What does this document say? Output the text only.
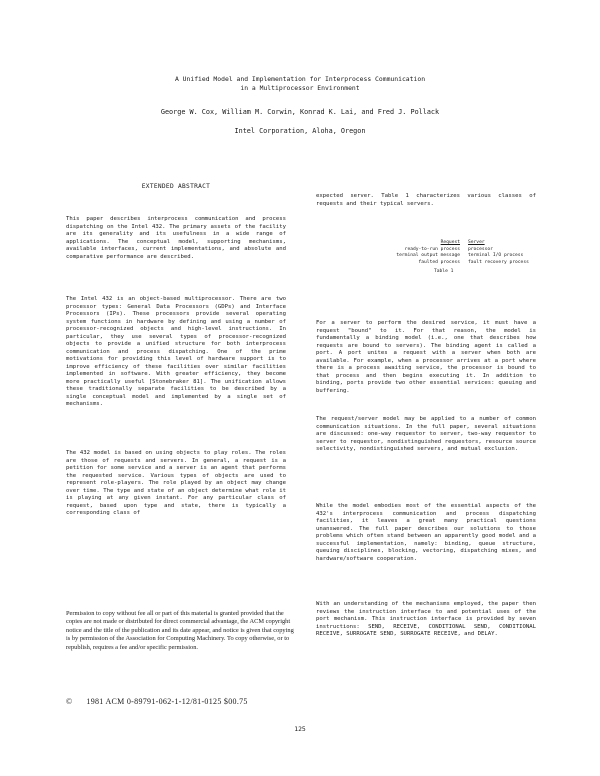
A Unified Model and Implementation for Interprocess Communication
in a Multiprocessor Environment
George W. Cox, William M. Corwin, Konrad K. Lai, and Fred J. Pollack
Intel Corporation, Aloha, Oregon
EXTENDED ABSTRACT
This paper describes interprocess communication and process dispatching on the Intel 432. The primary assets of the facility are its generality and its usefulness in a wide range of applications. The conceptual model, supporting mechanisms, available interfaces, current implementations, and absolute and comparative performance are described.
The Intel 432 is an object-based multiprocessor. There are two processor types: General Data Processors (GDPs) and Interface Processors (IPs). These processors provide several operating system functions in hardware by defining and using a number of processor-recognized objects and high-level instructions. In particular, they use several types of processor-recognized objects to provide a unified structure for both interprocess communication and process dispatching. One of the prime motivations for providing this level of hardware support is to improve efficiency of these facilities over similar facilities implemented in software. With greater efficiency, they become more practically useful [Stonebraker 81]. The unification allows these traditionally separate facilities to be described by a single conceptual model and implemented by a single set of mechanisms.
The 432 model is based on using objects to play roles. The roles are those of requests and servers. In general, a request is a petition for some service and a server is an agent that performs the requested service. Various types of objects are used to represent role-players. The role played by an object may change over time. The type and state of an object determine what role it is playing at any given instant. For any particular class of request, based upon type and state, there is typically a corresponding class of
Permission to copy without fee all or part of this material is granted provided that the copies are not made or distributed for direct commercial advantage, the ACM copyright notice and the title of the publication and its date appear, and notice is given that copying is by permission of the Association for Computing Machinery. To copy otherwise, or to republish, requires a fee and/or specific permission.
© 1981 ACM 0-89791-062-1-12/81-0125 $00.75
expected server. Table 1 characterizes various classes of requests and their typical servers.
Request	Server
ready-to-run process	processor
terminal output message	terminal I/O process
faulted process	fault recovery process
Table 1
For a server to perform the desired service, it must have a request "bound" to it. For that reason, the model is fundamentally a binding model (i.e., one that describes how requests are bound to servers). The binding agent is called a port. A port unites a request with a server when both are available. For example, when a processor arrives at a port where there is a process awaiting service, the processor is bound to that process and then begins executing it. In addition to binding, ports provide two other essential services: queuing and buffering.
The request/server model may be applied to a number of common communication situations. In the full paper, several situations are discussed: one-way requestor to server, two-way requestor to server to requestor, nondistinguished requestors, resource source selectivity, nondistinguished servers, and mutual exclusion.
While the model embodies most of the essential aspects of the 432's interprocess communication and process dispatching facilities, it leaves a great many practical questions unanswered. The full paper describes our solutions to those problems which often stand between an apparently good model and a successful implementation, namely: binding, queue structure, queuing disciplines, blocking, vectoring, dispatching mixes, and hardware/software cooperation.
With an understanding of the mechanisms employed, the paper then reviews the instruction interface to and potential uses of the port mechanism. This instruction interface is provided by seven instructions: SEND, RECEIVE, CONDITIONAL SEND, CONDITIONAL RECEIVE, SURROGATE SEND, SURROGATE RECEIVE, and DELAY.
125
